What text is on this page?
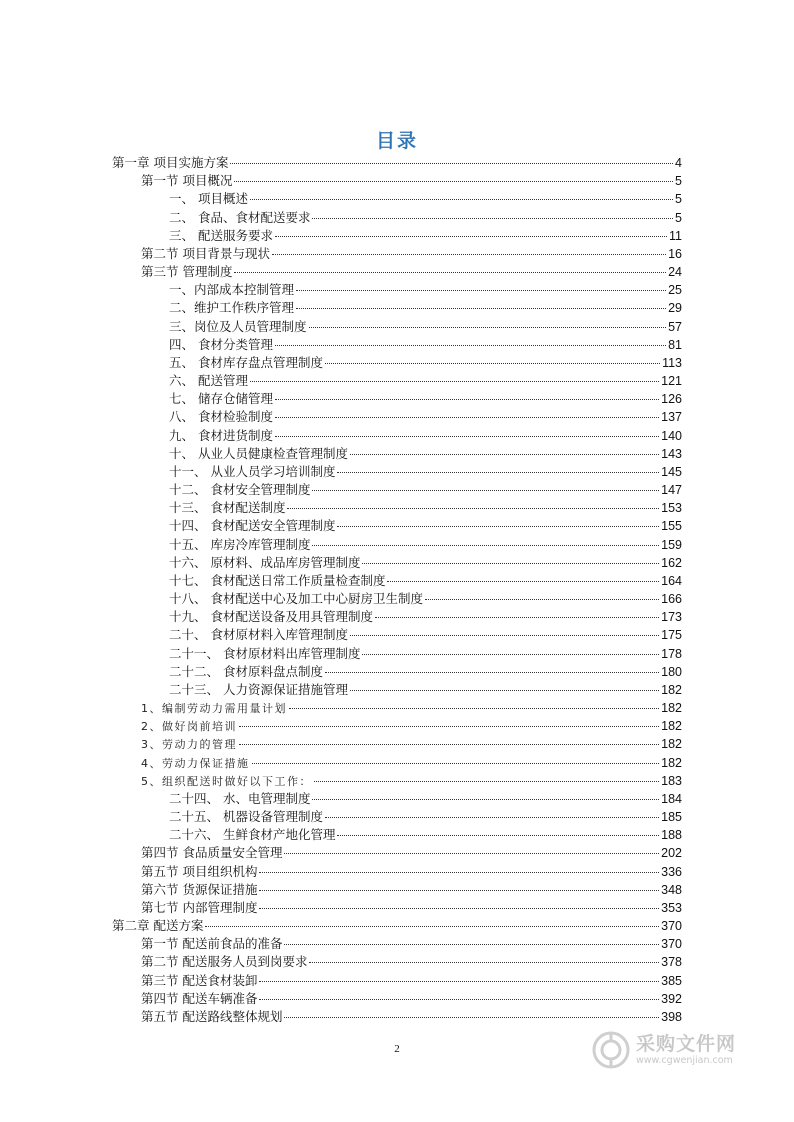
目录
第一章 项目实施方案	4
第一节 项目概况	5
一、 项目概述	5
二、 食品、食材配送要求	5
三、 配送服务要求	11
第二节 项目背景与现状	16
第三节 管理制度	24
一、内部成本控制管理	25
二、维护工作秩序管理	29
三、岗位及人员管理制度	57
四、 食材分类管理	81
五、 食材库存盘点管理制度	113
六、 配送管理	121
七、 储存仓储管理	126
八、 食材检验制度	137
九、 食材进货制度	140
十、 从业人员健康检查管理制度	143
十一、 从业人员学习培训制度	145
十二、 食材安全管理制度	147
十三、 食材配送制度	153
十四、 食材配送安全管理制度	155
十五、 库房冷库管理制度	159
十六、 原材料、成品库房管理制度	162
十七、 食材配送日常工作质量检查制度	164
十八、 食材配送中心及加工中心厨房卫生制度	166
十九、 食材配送设备及用具管理制度	173
二十、 食材原材料入库管理制度	175
二十一、 食材原材料出库管理制度	178
二十二、 食材原料盘点制度	180
二十三、 人力资源保证措施管理	182
1、编制劳动力需用量计划	182
2、做好岗前培训	182
3、劳动力的管理	182
4、劳动力保证措施	182
5、组织配送时做好以下工作：	183
二十四、 水、电管理制度	184
二十五、 机器设备管理制度	185
二十六、 生鲜食材产地化管理	188
第四节 食品质量安全管理	202
第五节 项目组织机构	336
第六节 货源保证措施	348
第七节 内部管理制度	353
第二章 配送方案	370
第一节 配送前食品的准备	370
第二节 配送服务人员到岗要求	378
第三节 配送食材装卸	385
第四节 配送车辆准备	392
第五节 配送路线整体规划	398
2	采购文件网
www.cgwenjian.com
